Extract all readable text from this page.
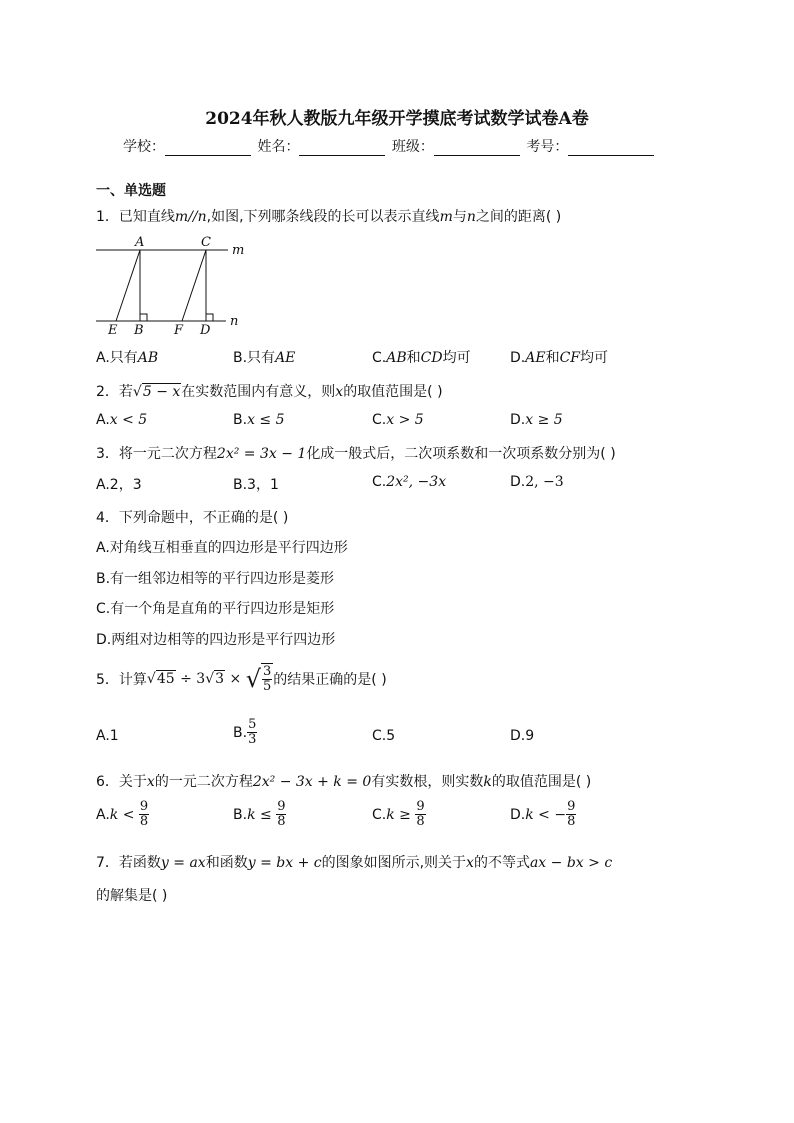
2024年秋人教版九年级开学摸底考试数学试卷A卷
学校：	姓名：	班级：	考号：
一、单选题
1．已知直线m//n,如图,下列哪条线段的长可以表示直线m与n之间的距离( )
A	C
m
E B F D
n
A.只有AB	B.只有AE	C.AB和CD均可	D.AE和CF均可
2．若√5 − x在实数范围内有意义，则x的取值范围是( )
A.x < 5	B.x ≤ 5	C.x > 5	D.x ≥ 5
3．将一元二次方程2x² = 3x − 1化成一般式后，二次项系数和一次项系数分别为( )
A.2，3	B.3，1	C.2x², −3x	D.2, −3
4．下列命题中，不正确的是( )
A.对角线互相垂直的四边形是平行四边形
B.有一组邻边相等的平行四边形是菱形
C.有一个角是直角的平行四边形是矩形
D.两组对边相等的四边形是平行四边形
5．计算 √45 ÷ 3 √3 × √ $\frac{3}{5}$ 的结果正确的是( )
A.1	B. $\frac{5}{3}$	C.5	D.9
6．关于x的一元二次方程2x² − 3x + k = 0有实数根，则实数k的取值范围是( )
A. $k < \frac{9}{8}$	B. $k \le \frac{9}{8}$	C. $k \ge \frac{9}{8}$	D. k < − $\frac{9}{8}$
7．若函数y = ax和函数y = bx + c的图象如图所示,则关于x的不等式ax − bx > c
的解集是( )
